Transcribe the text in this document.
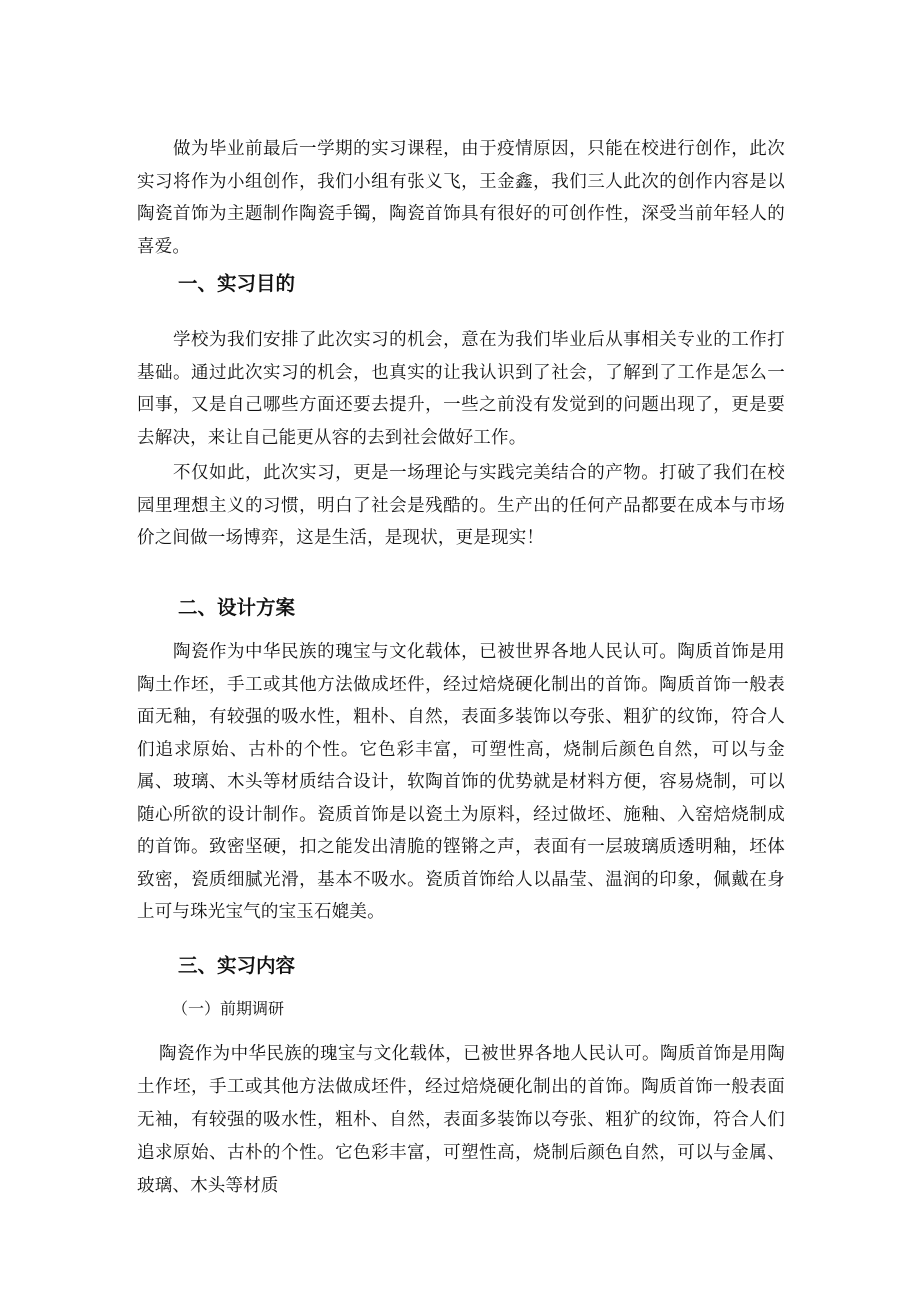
做为毕业前最后一学期的实习课程，由于疫情原因，只能在校进行创作，此次实习将作为小组创作，我们小组有张义飞，王金鑫，我们三人此次的创作内容是以陶瓷首饰为主题制作陶瓷手镯，陶瓷首饰具有很好的可创作性，深受当前年轻人的喜爱。

一、实习目的

学校为我们安排了此次实习的机会，意在为我们毕业后从事相关专业的工作打基础。通过此次实习的机会，也真实的让我认识到了社会，了解到了工作是怎么一回事，又是自己哪些方面还要去提升，一些之前没有发觉到的问题出现了，更是要去解决，来让自己能更从容的去到社会做好工作。

不仅如此，此次实习，更是一场理论与实践完美结合的产物。打破了我们在校园里理想主义的习惯，明白了社会是残酷的。生产出的任何产品都要在成本与市场价之间做一场博弈，这是生活，是现状，更是现实！

二、设计方案

陶瓷作为中华民族的瑰宝与文化载体，已被世界各地人民认可。陶质首饰是用陶土作坯，手工或其他方法做成坯件，经过焙烧硬化制出的首饰。陶质首饰一般表面无釉，有较强的吸水性，粗朴、自然，表面多装饰以夸张、粗犷的纹饰，符合人们追求原始、古朴的个性。它色彩丰富，可塑性高，烧制后颜色自然，可以与金属、玻璃、木头等材质结合设计，软陶首饰的优势就是材料方便，容易烧制，可以随心所欲的设计制作。瓷质首饰是以瓷土为原料，经过做坯、施釉、入窑焙烧制成的首饰。致密坚硬，扣之能发出清脆的铿锵之声，表面有一层玻璃质透明釉，坯体致密，瓷质细腻光滑，基本不吸水。瓷质首饰给人以晶莹、温润的印象，佩戴在身上可与珠光宝气的宝玉石媲美。

三、实习内容

（一）前期调研

陶瓷作为中华民族的瑰宝与文化载体，已被世界各地人民认可。陶质首饰是用陶土作坯，手工或其他方法做成坯件，经过焙烧硬化制出的首饰。陶质首饰一般表面无袖，有较强的吸水性，粗朴、自然，表面多装饰以夸张、粗犷的纹饰，符合人们追求原始、古朴的个性。它色彩丰富，可塑性高，烧制后颜色自然，可以与金属、玻璃、木头等材质
